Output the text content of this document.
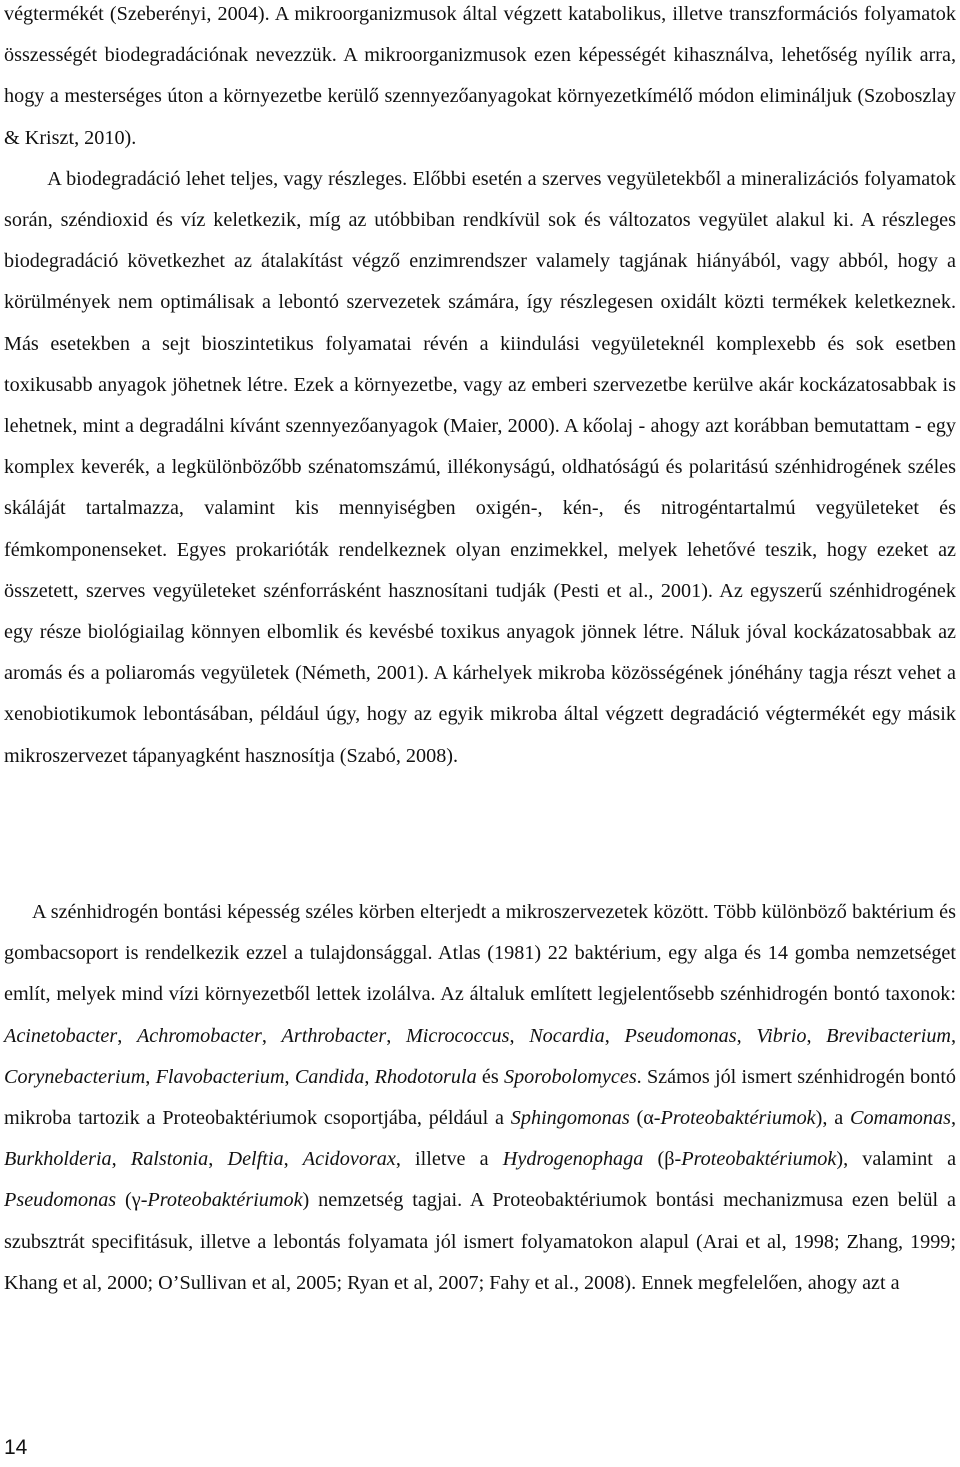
végtermékét (Szeberényi, 2004). A mikroorganizmusok által végzett katabolikus, illetve transzformációs folyamatok összességét biodegradációnak nevezzük. A mikroorganizmusok ezen képességét kihasználva, lehetőség nyílik arra, hogy a mesterséges úton a környezetbe kerülő szennyezőanyagokat környezetkímélő módon elimináljuk (Szoboszlay & Kriszt, 2010).
A biodegradáció lehet teljes, vagy részleges. Előbbi esetén a szerves vegyületekből a mineralizációs folyamatok során, széndioxid és víz keletkezik, míg az utóbbiban rendkívül sok és változatos vegyület alakul ki. A részleges biodegradáció következhet az átalakítást végző enzimrendszer valamely tagjának hiányából, vagy abból, hogy a körülmények nem optimálisak a lebontó szervezetek számára, így részlegesen oxidált közti termékek keletkeznek. Más esetekben a sejt bioszintetikus folyamatai révén a kiindulási vegyületeknél komplexebb és sok esetben toxikusabb anyagok jöhetnek létre. Ezek a környezetbe, vagy az emberi szervezetbe kerülve akár kockázatosabbak is lehetnek, mint a degradálni kívánt szennyezőanyagok (Maier, 2000). A kőolaj - ahogy azt korábban bemutattam - egy komplex keverék, a legkülönbözőbb szénatomszámú, illékonyságú, oldhatóságú és polaritású szénhidrogének széles skáláját tartalmazza, valamint kis mennyiségben oxigén-, kén-, és nitrogéntartalmú vegyületeket és fémkomponenseket. Egyes prokarióták rendelkeznek olyan enzimekkel, melyek lehetővé teszik, hogy ezeket az összetett, szerves vegyületeket szénforrásként hasznosítani tudják (Pesti et al., 2001). Az egyszerű szénhidrogének egy része biológiailag könnyen elbomlik és kevésbé toxikus anyagok jönnek létre. Náluk jóval kockázatosabbak az aromás és a poliaromás vegyületek (Németh, 2001). A kárhelyek mikroba közösségének jónéhány tagja részt vehet a xenobiotikumok lebontásában, például úgy, hogy az egyik mikroba által végzett degradáció végtermékét egy másik mikroszervezet tápanyagként hasznosítja (Szabó, 2008).

A szénhidrogén bontási képesség széles körben elterjedt a mikroszervezetek között. Több különböző baktérium és gombacsoport is rendelkezik ezzel a tulajdonsággal. Atlas (1981) 22 baktérium, egy alga és 14 gomba nemzetséget említ, melyek mind vízi környezetből lettek izolálva. Az általuk említett legjelentősebb szénhidrogén bontó taxonok: Acinetobacter, Achromobacter, Arthrobacter, Micrococcus, Nocardia, Pseudomonas, Vibrio, Brevibacterium, Corynebacterium, Flavobacterium, Candida, Rhodotorula és Sporobolomyces. Számos jól ismert szénhidrogén bontó mikroba tartozik a Proteobaktériumok csoportjába, például a Sphingomonas (α-Proteobaktériumok), a Comamonas, Burkholderia, Ralstonia, Delftia, Acidovorax, illetve a Hydrogenophaga (β-Proteobaktériumok), valamint a Pseudomonas (γ-Proteobaktériumok) nemzetség tagjai. A Proteobaktériumok bontási mechanizmusa ezen belül a szubsztrát specifitásuk, illetve a lebontás folyamata jól ismert folyamatokon alapul (Arai et al, 1998; Zhang, 1999; Khang et al, 2000; O’Sullivan et al, 2005; Ryan et al, 2007; Fahy et al., 2008). Ennek megfelelően, ahogy azt a

14
